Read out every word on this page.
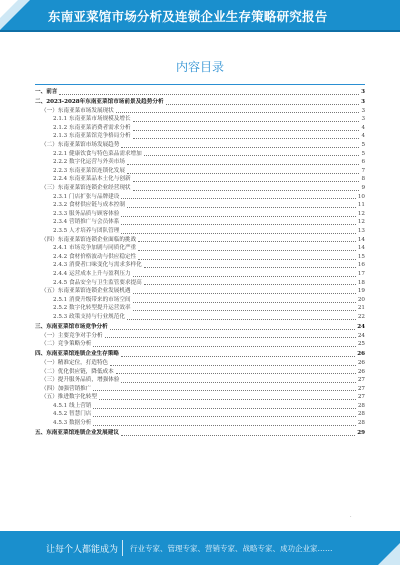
东南亚菜馆市场分析及连锁企业生存策略研究报告
内容目录
一、前言	3
二、2023-2028年东南亚菜馆市场前景及趋势分析	3
（一）东南亚菜市场发展现状	3
2.1.1 东南亚菜市场规模及增长	3
2.1.2 东南亚菜消费者需求分析	4
2.1.3 东南亚菜馆竞争格局分析	4
（二）东南亚菜馆市场发展趋势	5
2.2.1 健康饮食与特色菜品需求增加	5
2.2.2 数字化运营与外卖市场	6
2.2.3 东南亚菜馆连锁化发展	7
2.2.4 东南亚菜品本土化与创新	8
（三）东南亚菜馆连锁企业经营现状	9
2.3.1 门店扩张与品牌建设	10
2.3.2 食材供应链与成本控制	11
2.3.3 服务品质与顾客体验	12
2.3.4 营销推广与会员体系	12
2.3.5 人才培养与团队管理	13
（四）东南亚菜馆连锁企业面临的挑战	14
2.4.1 市场竞争加剧与同质化严重	14
2.4.2 食材价格波动与供应稳定性	15
2.4.3 消费者口味变化与需求多样化	16
2.4.4 运营成本上升与盈利压力	17
2.4.5 食品安全与卫生监管要求提高	18
（五）东南亚菜馆连锁企业发展机遇	19
2.5.1 消费升级带来的市场空间	20
2.5.2 数字化转型提升运营效率	21
2.5.3 政策支持与行业规范化	22
三、东南亚菜馆市场竞争分析	24
（一）主要竞争对手分析	24
（二）竞争策略分析	25
四、东南亚菜馆连锁企业生存策略	26
（一）精准定位，打造特色	26
（二）优化供应链，降低成本	26
（三）提升服务品质，增强体验	27
（四）加强营销推广	27
（五）推进数字化转型	27
4.5.1 线上营销	28
4.5.2 智慧门店	28
4.5.3 数据分析	28
五、东南亚菜馆连锁企业发展建议	29
·
让每个人都能成为 行业专家、管理专家、营销专家、战略专家、成功企业家……
